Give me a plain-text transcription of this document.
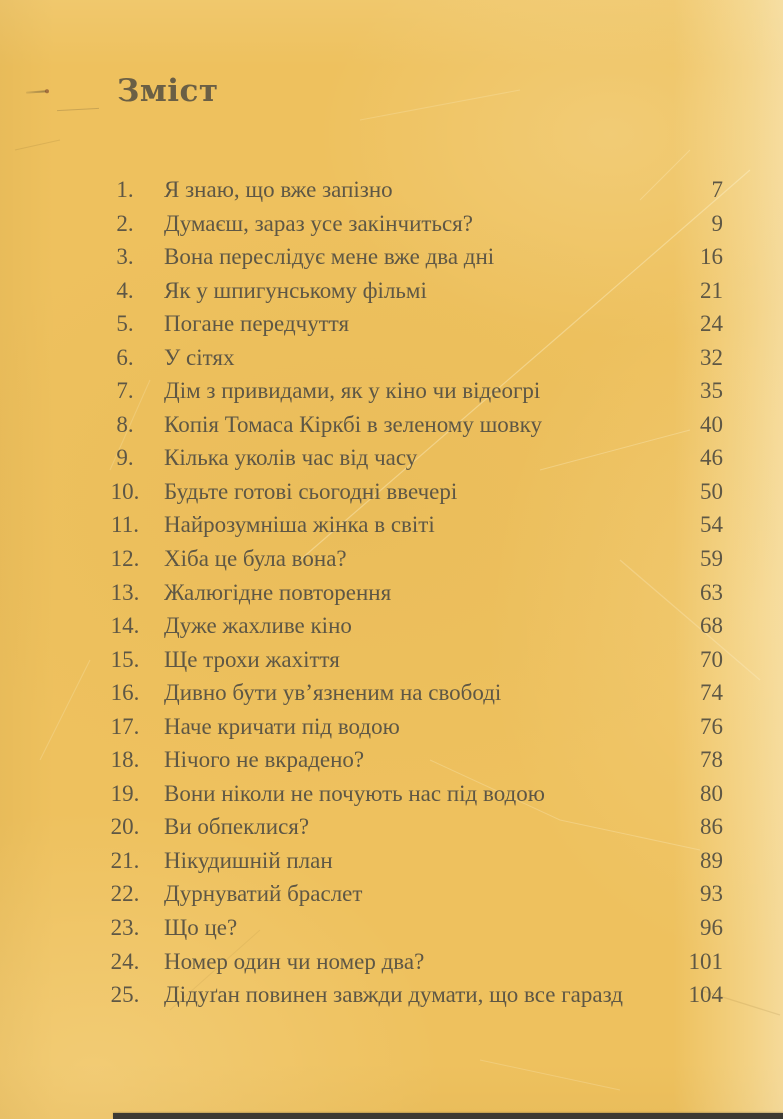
Зміст
1.	Я знаю, що вже запізно	7
2.	Думаєш, зараз усе закінчиться?	9
3.	Вона переслідує мене вже два дні	16
4.	Як у шпигунському фільмі	21
5.	Погане передчуття	24
6.	У сітях	32
7.	Дім з привидами, як у кіно чи відеогрі	35
8.	Копія Томаса Кіркбі в зеленому шовку	40
9.	Кілька уколів час від часу	46
10.	Будьте готові сьогодні ввечері	50
11.	Найрозумніша жінка в світі	54
12.	Хіба це була вона?	59
13.	Жалюгідне повторення	63
14.	Дуже жахливе кіно	68
15.	Ще трохи жахіття	70
16.	Дивно бути ув’язненим на свободі	74
17.	Наче кричати під водою	76
18.	Нічого не вкрадено?	78
19.	Вони ніколи не почують нас під водою	80
20.	Ви обпеклися?	86
21.	Нікудишній план	89
22.	Дурнуватий браслет	93
23.	Що це?	96
24.	Номер один чи номер два?	101
25.	Дідуґан повинен завжди думати, що все гаразд	104
